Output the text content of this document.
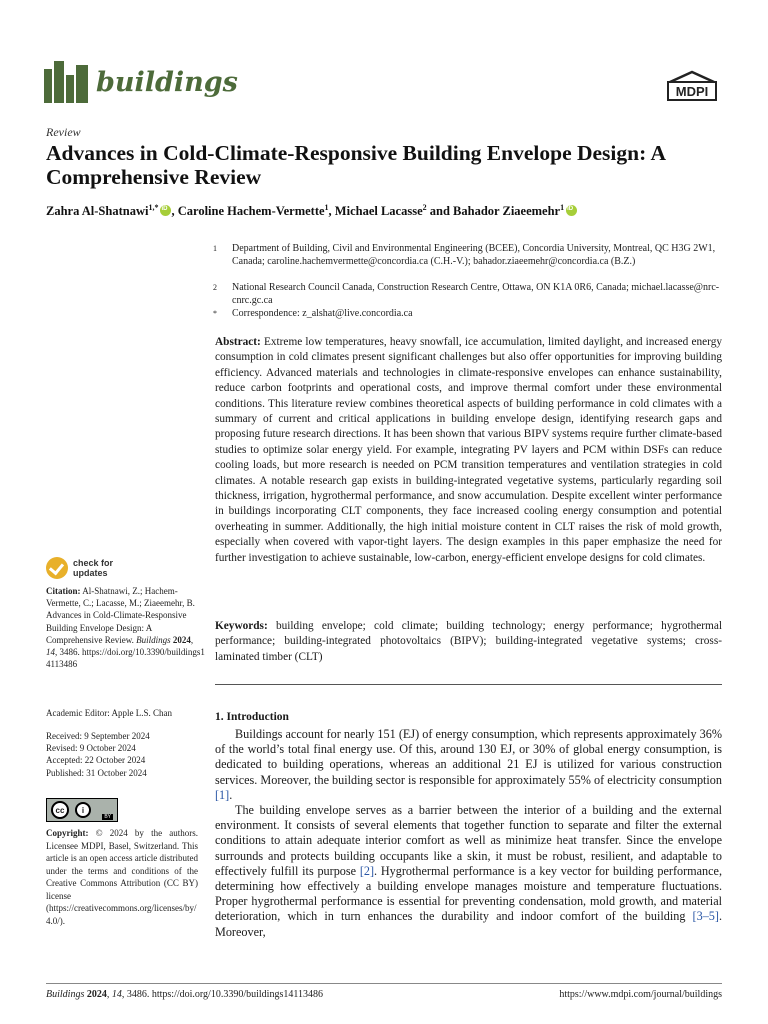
buildings	MDPI
Review
Advances in Cold-Climate-Responsive Building Envelope Design: A Comprehensive Review
Zahra Al-Shatnawi$^{1,*}$iD , Caroline Hachem-Vermette$^1$, Michael Lacasse$^2$ and Bahador Ziaeemehr$^1$iD
1 Department of Building, Civil and Environmental Engineering (BCEE), Concordia University, Montreal, QC H3G 2W1, Canada; caroline.hachemvermette@concordia.ca (C.H.-V.); bahador.ziaeemehr@concordia.ca (B.Z.)
2 National Research Council Canada, Construction Research Centre, Ottawa, ON K1A 0R6, Canada; michael.lacasse@nrc-cnrc.gc.ca
* Correspondence: z_alshat@live.concordia.ca
Abstract: Extreme low temperatures, heavy snowfall, ice accumulation, limited daylight, and increased energy consumption in cold climates present significant challenges but also offer opportunities for improving building efficiency. Advanced materials and technologies in climate-responsive envelopes can enhance sustainability, reduce carbon footprints and operational costs, and improve thermal comfort under these environmental conditions. This literature review combines theoretical aspects of building performance in cold climates with a summary of current and critical applications in building envelope design, identifying research gaps and proposing future research directions. It has been shown that various BIPV systems require further climate-based studies to optimize solar energy yield. For example, integrating PV layers and PCM within DSFs can reduce cooling loads, but more research is needed on PCM transition temperatures and ventilation strategies in cold climates. A notable research gap exists in building-integrated vegetative systems, particularly regarding soil thickness, irrigation, hygrothermal performance, and snow accumulation. Despite excellent winter performance in buildings incorporating CLT components, they face increased cooling energy consumption and potential overheating in summer. Additionally, the high initial moisture content in CLT raises the risk of mold growth, especially when covered with vapor-tight layers. The design examples in this paper emphasize the need for further investigation to achieve sustainable, low-carbon, energy-efficient envelope designs for cold climates.
Keywords: building envelope; cold climate; building technology; energy performance; hygrothermal performance; building-integrated photovoltaics (BIPV); building-integrated vegetative systems; cross-laminated timber (CLT)
check for updates
Citation: Al-Shatnawi, Z.; Hachem-Vermette, C.; Lacasse, M.; Ziaeemehr, B. Advances in Cold-Climate-Responsive Building Envelope Design: A Comprehensive Review. Buildings 2024, 14, 3486. https://doi.org/10.3390/buildings14113486
Academic Editor: Apple L.S. Chan
Received: 9 September 2024
Revised: 9 October 2024
Accepted: 22 October 2024
Published: 31 October 2024
cc	i
BY
Copyright: © 2024 by the authors. Licensee MDPI, Basel, Switzerland. This article is an open access article distributed under the terms and conditions of the Creative Commons Attribution (CC BY) license (https://creativecommons.org/licenses/by/4.0/).
1. Introduction

Buildings account for nearly 151 (EJ) of energy consumption, which represents approximately 36% of the world’s total final energy use. Of this, around 130 EJ, or 30% of global energy consumption, is dedicated to building operations, whereas an additional 21 EJ is utilized for various construction services. Moreover, the building sector is responsible for approximately 55% of electricity consumption [1].

The building envelope serves as a barrier between the interior of a building and the external environment. It consists of several elements that together function to separate and filter the external conditions to attain adequate interior comfort as well as minimize heat transfer. Since the envelope surrounds and protects building occupants like a skin, it must be robust, resilient, and adaptable to effectively fulfill its purpose [2]. Hygrothermal performance is a key vector for building performance, determining how effectively a building envelope manages moisture and temperature fluctuations. Proper hygrothermal performance is essential for preventing condensation, mold growth, and material deterioration, which in turn enhances the durability and indoor comfort of the building [3–5]. Moreover,

Buildings 2024, 14, 3486. https://doi.org/10.3390/buildings14113486	https://www.mdpi.com/journal/buildings
